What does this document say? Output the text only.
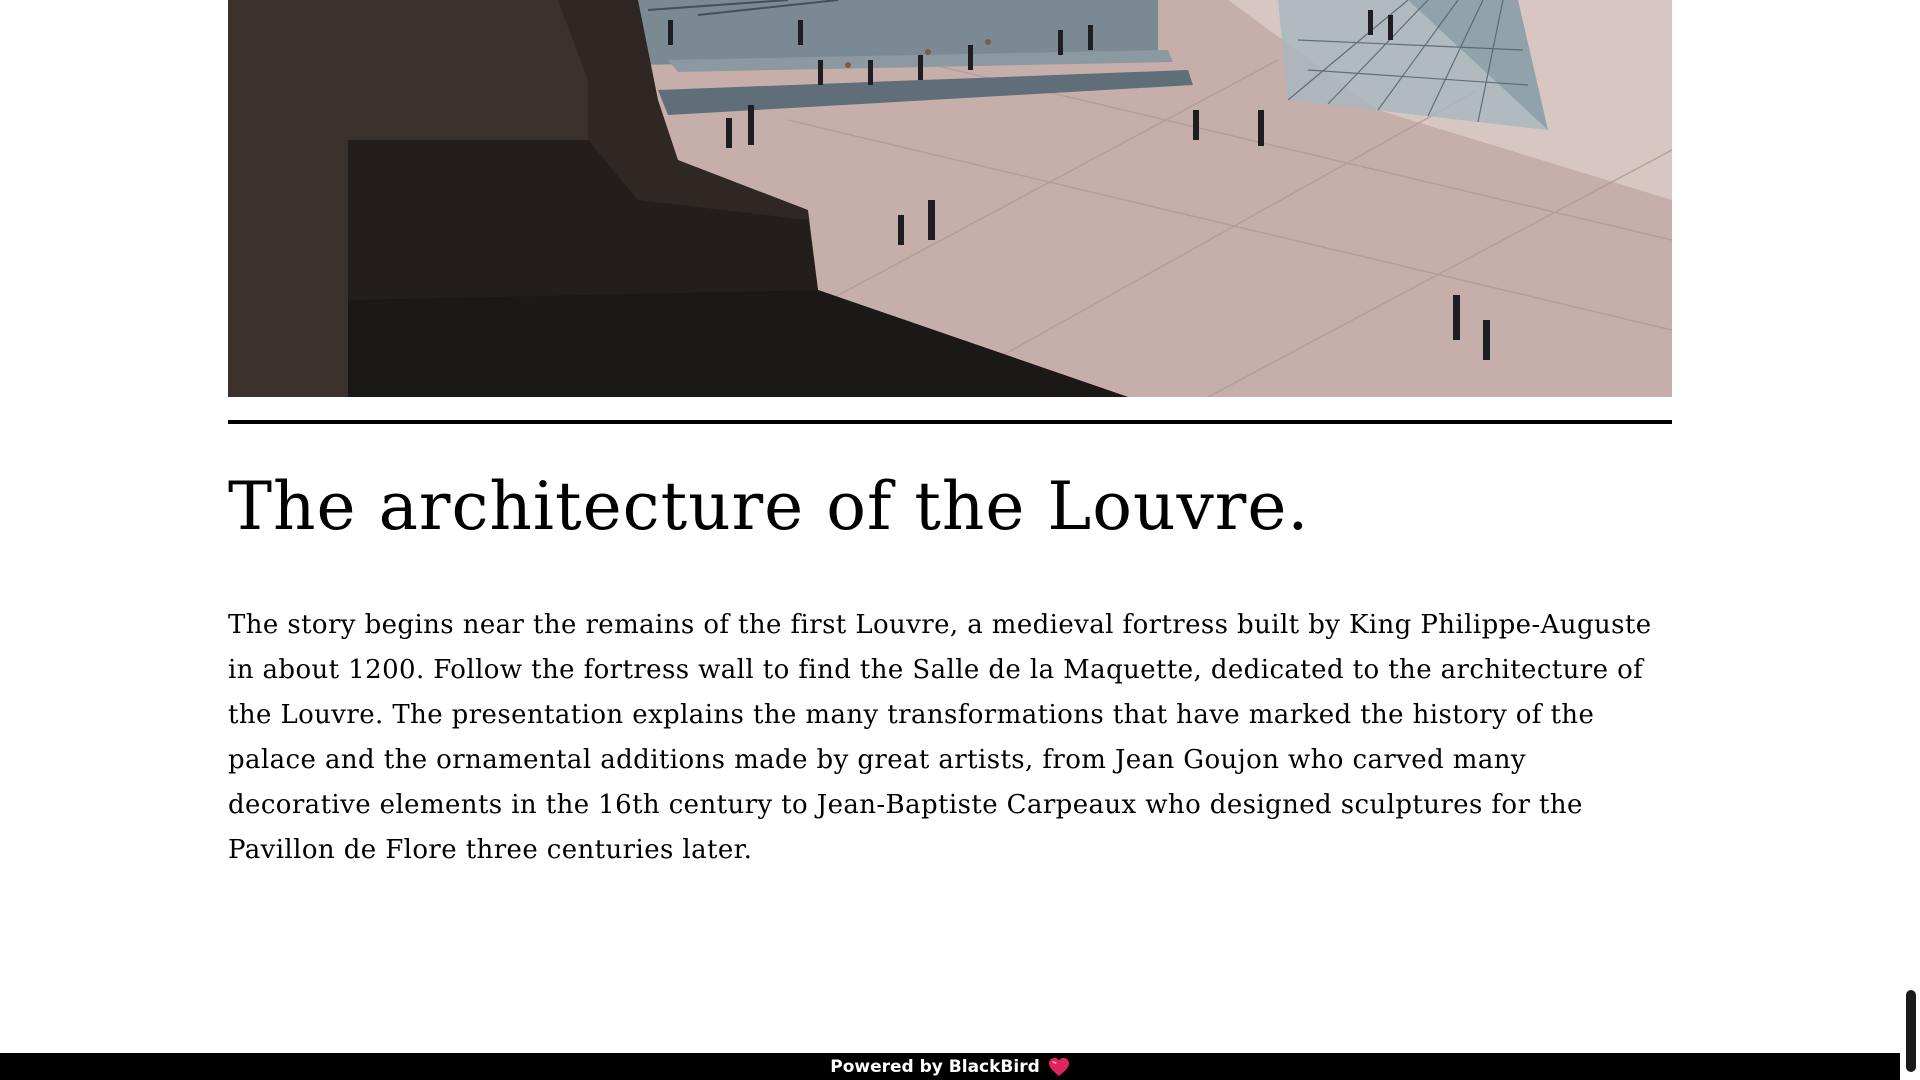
The architecture of the Louvre.

The story begins near the remains of the first Louvre, a medieval fortress built by King Philippe-Auguste in about 1200. Follow the fortress wall to find the Salle de la Maquette, dedicated to the architecture of the Louvre. The presentation explains the many transformations that have marked the history of the palace and the ornamental additions made by great artists, from Jean Goujon who carved many decorative elements in the 16th century to Jean-Baptiste Carpeaux who designed sculptures for the Pavillon de Flore three centuries later.

Powered by BlackBird
